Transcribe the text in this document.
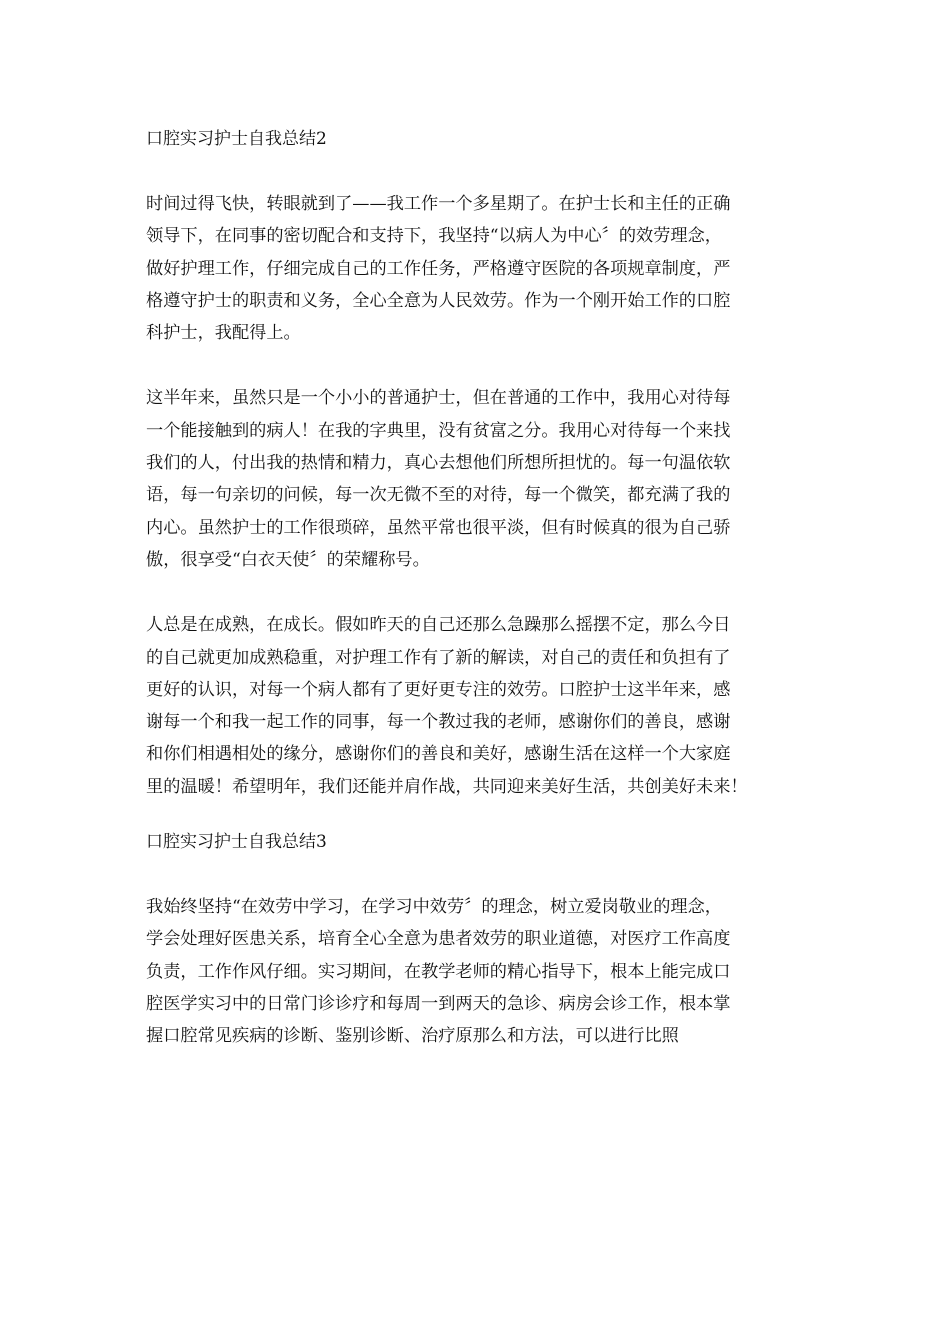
口腔实习护士自我总结2

时间过得飞快，转眼就到了——我工作一个多星期了。在护士长和主任的正确
领导下，在同事的密切配合和支持下，我坚持“以病人为中心〞的效劳理念，
做好护理工作，仔细完成自己的工作任务，严格遵守医院的各项规章制度，严
格遵守护士的职责和义务，全心全意为人民效劳。作为一个刚开始工作的口腔
科护士，我配得上。

这半年来，虽然只是一个小小的普通护士，但在普通的工作中，我用心对待每
一个能接触到的病人！在我的字典里，没有贫富之分。我用心对待每一个来找
我们的人，付出我的热情和精力，真心去想他们所想所担忧的。每一句温依软
语，每一句亲切的问候，每一次无微不至的对待，每一个微笑，都充满了我的
内心。虽然护士的工作很琐碎，虽然平常也很平淡，但有时候真的很为自己骄
傲，很享受“白衣天使〞的荣耀称号。

人总是在成熟，在成长。假如昨天的自己还那么急躁那么摇摆不定，那么今日
的自己就更加成熟稳重，对护理工作有了新的解读，对自己的责任和负担有了
更好的认识，对每一个病人都有了更好更专注的效劳。口腔护士这半年来，感
谢每一个和我一起工作的同事，每一个教过我的老师，感谢你们的善良，感谢
和你们相遇相处的缘分，感谢你们的善良和美好，感谢生活在这样一个大家庭
里的温暖！希望明年，我们还能并肩作战，共同迎来美好生活，共创美好未来！

口腔实习护士自我总结3

我始终坚持“在效劳中学习，在学习中效劳〞的理念，树立爱岗敬业的理念，
学会处理好医患关系，培育全心全意为患者效劳的职业道德，对医疗工作高度
负责，工作作风仔细。实习期间，在教学老师的精心指导下，根本上能完成口
腔医学实习中的日常门诊诊疗和每周一到两天的急诊、病房会诊工作，根本掌
握口腔常见疾病的诊断、鉴别诊断、治疗原那么和方法，可以进行比照
